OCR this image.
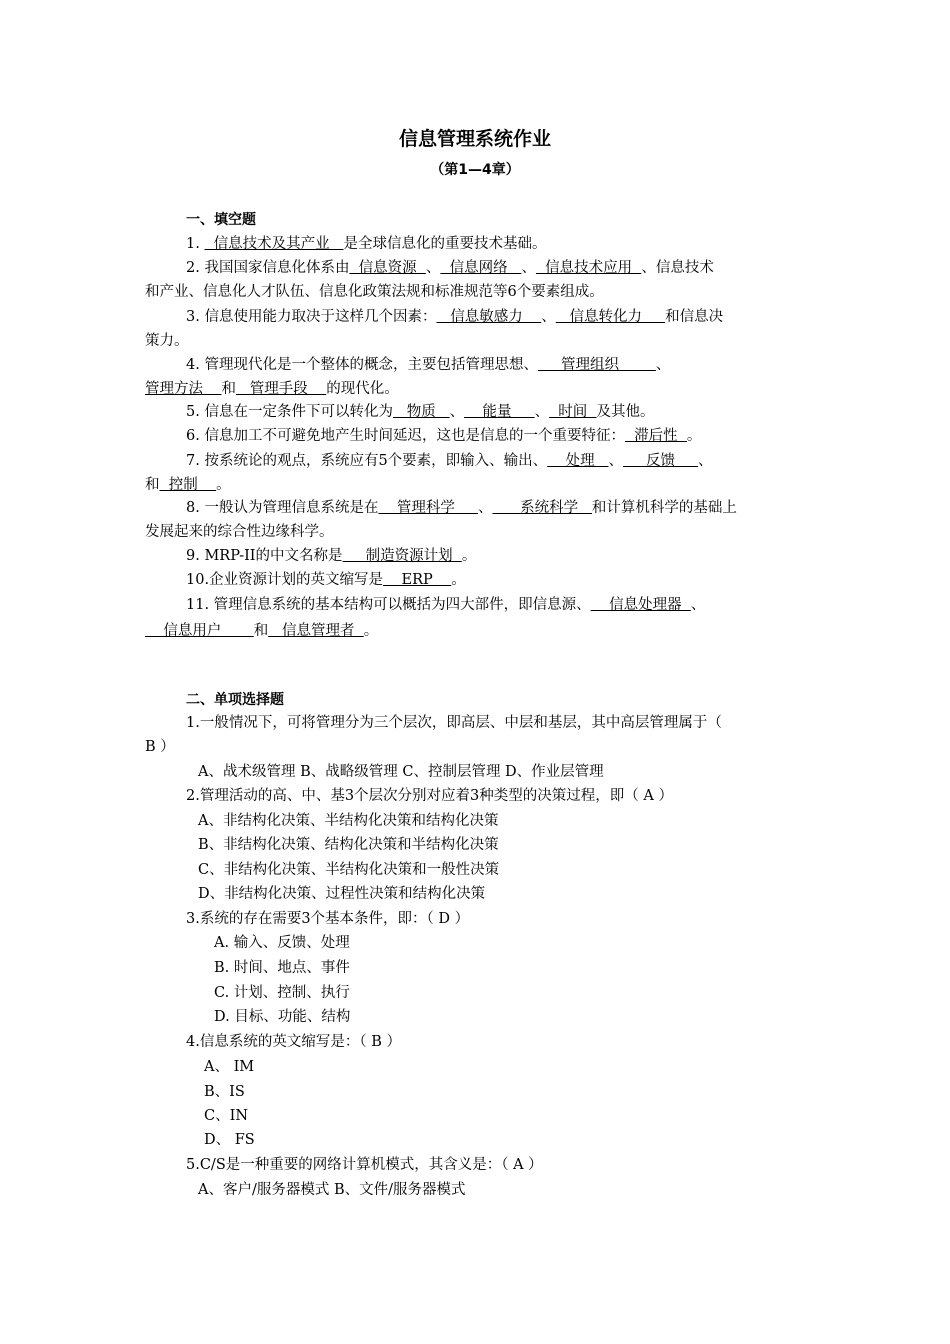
信息管理系统作业
（第1—4章）
一、填空题
1.   信息技术及其产业   是全球信息化的重要技术基础。
2. 我国国家信息化体系由  信息资源  、  信息网络   、  信息技术应用  、信息技术
和产业、信息化人才队伍、信息化政策法规和标准规范等6个要素组成。
3. 信息使用能力取决于这样几个因素：   信息敏感力    、   信息转化力     和信息决
策力。
4. 管理现代化是一个整体的概念，主要包括管理思想、     管理组织        、
管理方法    和   管理手段    的现代化。
5. 信息在一定条件下可以转化为   物质   、    能量     、  时间  及其他。
6. 信息加工不可避免地产生时间延迟，这也是信息的一个重要特征：  滞后性  。
7. 按系统论的观点，系统应有5个要素，即输入、输出、    处理   、     反馈     、
和  控制    。
8. 一般认为管理信息系统是在    管理科学     、      系统科学   和计算机科学的基础上
发展起来的综合性边缘科学。
9. MRP-II的中文名称是     制造资源计划  。
10.企业资源计划的英文缩写是    ERP    。
11. 管理信息系统的基本结构可以概括为四大部件，即信息源、    信息处理器  、
信息用户       和   信息管理者  。
二、单项选择题
1.一般情况下，可将管理分为三个层次，即高层、中层和基层，其中高层管理属于（
B ）
A、战术级管理 B、战略级管理 C、控制层管理 D、作业层管理
2.管理活动的高、中、基3个层次分别对应着3种类型的决策过程，即（ A ）
A、非结构化决策、半结构化决策和结构化决策
B、非结构化决策、结构化决策和半结构化决策
C、非结构化决策、半结构化决策和一般性决策
D、非结构化决策、过程性决策和结构化决策
3.系统的存在需要3个基本条件，即：（ D ）
A. 输入、反馈、处理
B. 时间、地点、事件
C. 计划、控制、执行
D. 目标、功能、结构
4.信息系统的英文缩写是：（ B ）
A、 IM
B、IS
C、IN
D、 FS
5.C/S是一种重要的网络计算机模式，其含义是：（ A ）
A、客户/服务器模式 B、文件/服务器模式
